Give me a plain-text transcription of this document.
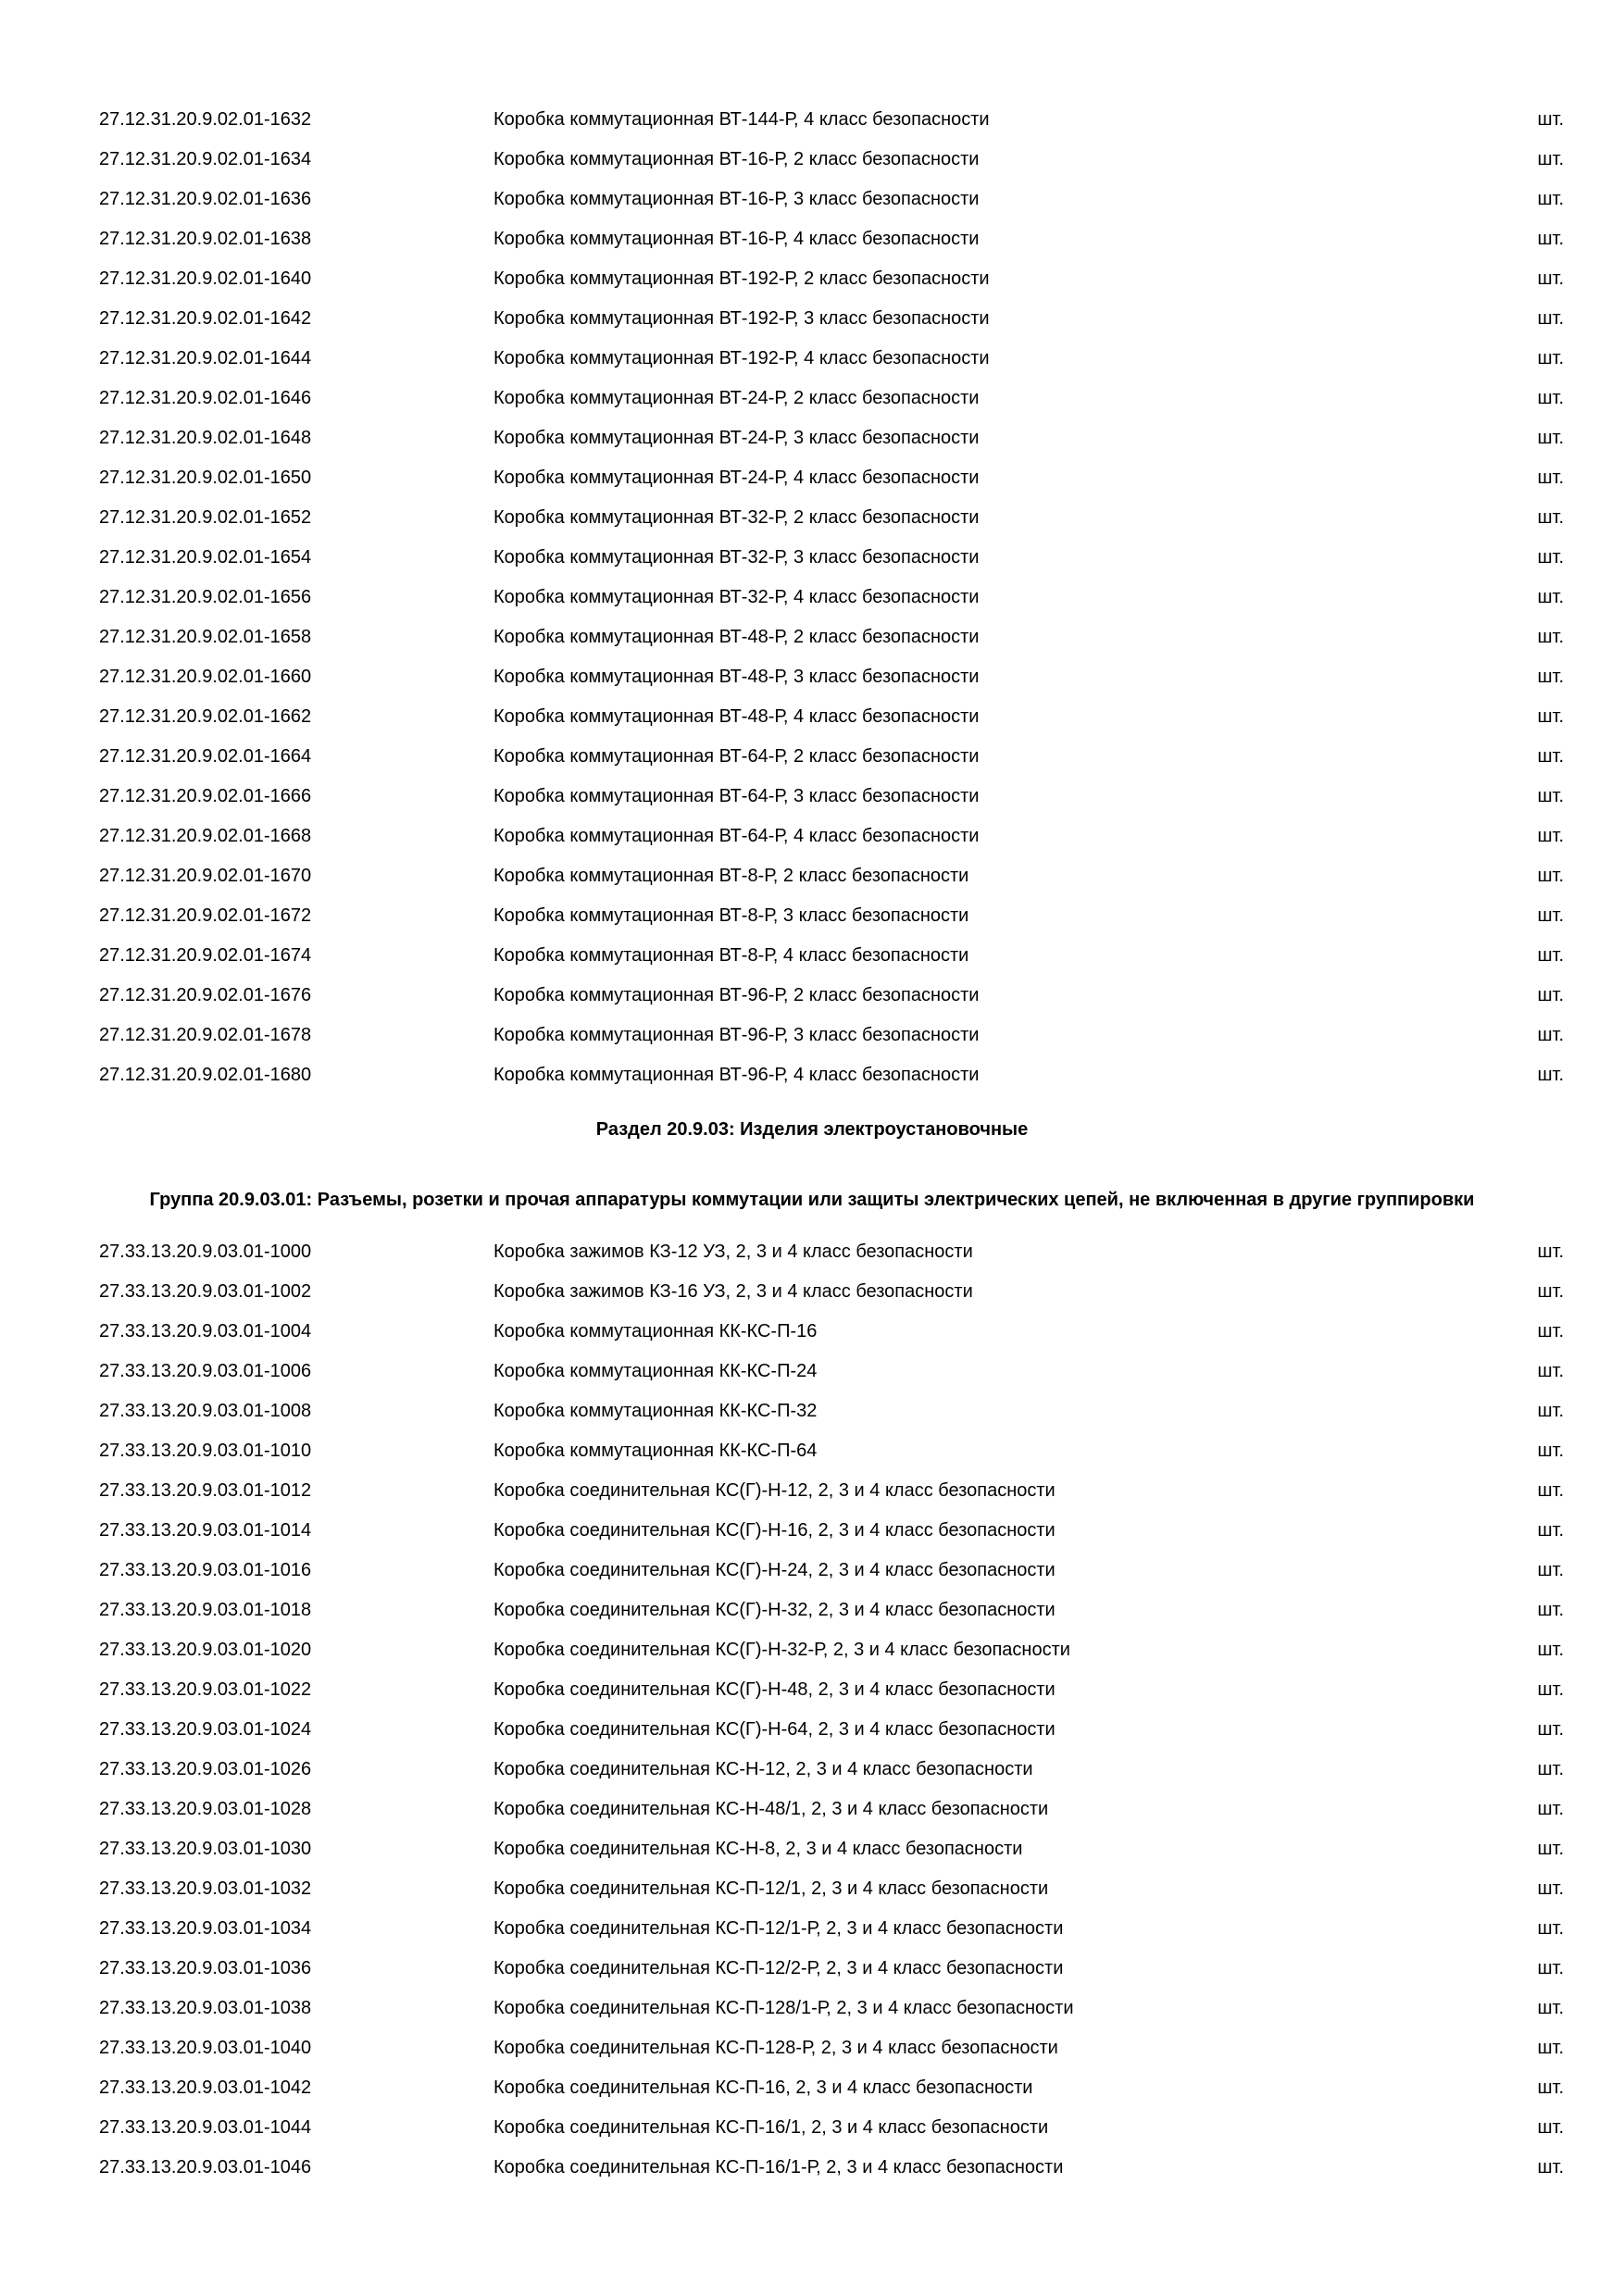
27.12.31.20.9.02.01-1632	Коробка коммутационная ВТ-144-Р, 4 класс безопасности	шт.
27.12.31.20.9.02.01-1634	Коробка коммутационная ВТ-16-Р, 2 класс безопасности	шт.
27.12.31.20.9.02.01-1636	Коробка коммутационная ВТ-16-Р, 3 класс безопасности	шт.
27.12.31.20.9.02.01-1638	Коробка коммутационная ВТ-16-Р, 4 класс безопасности	шт.
27.12.31.20.9.02.01-1640	Коробка коммутационная ВТ-192-Р, 2 класс безопасности	шт.
27.12.31.20.9.02.01-1642	Коробка коммутационная ВТ-192-Р, 3 класс безопасности	шт.
27.12.31.20.9.02.01-1644	Коробка коммутационная ВТ-192-Р, 4 класс безопасности	шт.
27.12.31.20.9.02.01-1646	Коробка коммутационная ВТ-24-Р, 2 класс безопасности	шт.
27.12.31.20.9.02.01-1648	Коробка коммутационная ВТ-24-Р, 3 класс безопасности	шт.
27.12.31.20.9.02.01-1650	Коробка коммутационная ВТ-24-Р, 4 класс безопасности	шт.
27.12.31.20.9.02.01-1652	Коробка коммутационная ВТ-32-Р, 2 класс безопасности	шт.
27.12.31.20.9.02.01-1654	Коробка коммутационная ВТ-32-Р, 3 класс безопасности	шт.
27.12.31.20.9.02.01-1656	Коробка коммутационная ВТ-32-Р, 4 класс безопасности	шт.
27.12.31.20.9.02.01-1658	Коробка коммутационная ВТ-48-Р, 2 класс безопасности	шт.
27.12.31.20.9.02.01-1660	Коробка коммутационная ВТ-48-Р, 3 класс безопасности	шт.
27.12.31.20.9.02.01-1662	Коробка коммутационная ВТ-48-Р, 4 класс безопасности	шт.
27.12.31.20.9.02.01-1664	Коробка коммутационная ВТ-64-Р, 2 класс безопасности	шт.
27.12.31.20.9.02.01-1666	Коробка коммутационная ВТ-64-Р, 3 класс безопасности	шт.
27.12.31.20.9.02.01-1668	Коробка коммутационная ВТ-64-Р, 4 класс безопасности	шт.
27.12.31.20.9.02.01-1670	Коробка коммутационная ВТ-8-Р, 2 класс безопасности	шт.
27.12.31.20.9.02.01-1672	Коробка коммутационная ВТ-8-Р, 3 класс безопасности	шт.
27.12.31.20.9.02.01-1674	Коробка коммутационная ВТ-8-Р, 4 класс безопасности	шт.
27.12.31.20.9.02.01-1676	Коробка коммутационная ВТ-96-Р, 2 класс безопасности	шт.
27.12.31.20.9.02.01-1678	Коробка коммутационная ВТ-96-Р, 3 класс безопасности	шт.
27.12.31.20.9.02.01-1680	Коробка коммутационная ВТ-96-Р, 4 класс безопасности	шт.
Раздел 20.9.03: Изделия электроустановочные
Группа 20.9.03.01: Разъемы, розетки и прочая аппаратуры коммутации или защиты электрических цепей, не включенная в другие группировки
27.33.13.20.9.03.01-1000	Коробка зажимов КЗ-12 УЗ, 2, 3 и 4 класс безопасности	шт.
27.33.13.20.9.03.01-1002	Коробка зажимов КЗ-16 УЗ, 2, 3 и 4 класс безопасности	шт.
27.33.13.20.9.03.01-1004	Коробка коммутационная КК-КС-П-16	шт.
27.33.13.20.9.03.01-1006	Коробка коммутационная КК-КС-П-24	шт.
27.33.13.20.9.03.01-1008	Коробка коммутационная КК-КС-П-32	шт.
27.33.13.20.9.03.01-1010	Коробка коммутационная КК-КС-П-64	шт.
27.33.13.20.9.03.01-1012	Коробка соединительная КС(Г)-Н-12, 2, 3 и 4 класс безопасности	шт.
27.33.13.20.9.03.01-1014	Коробка соединительная КС(Г)-Н-16, 2, 3 и 4 класс безопасности	шт.
27.33.13.20.9.03.01-1016	Коробка соединительная КС(Г)-Н-24, 2, 3 и 4 класс безопасности	шт.
27.33.13.20.9.03.01-1018	Коробка соединительная КС(Г)-Н-32, 2, 3 и 4 класс безопасности	шт.
27.33.13.20.9.03.01-1020	Коробка соединительная КС(Г)-Н-32-Р, 2, 3 и 4 класс безопасности	шт.
27.33.13.20.9.03.01-1022	Коробка соединительная КС(Г)-Н-48, 2, 3 и 4 класс безопасности	шт.
27.33.13.20.9.03.01-1024	Коробка соединительная КС(Г)-Н-64, 2, 3 и 4 класс безопасности	шт.
27.33.13.20.9.03.01-1026	Коробка соединительная КС-Н-12, 2, 3 и 4 класс безопасности	шт.
27.33.13.20.9.03.01-1028	Коробка соединительная КС-Н-48/1, 2, 3 и 4 класс безопасности	шт.
27.33.13.20.9.03.01-1030	Коробка соединительная КС-Н-8, 2, 3 и 4 класс безопасности	шт.
27.33.13.20.9.03.01-1032	Коробка соединительная КС-П-12/1, 2, 3 и 4 класс безопасности	шт.
27.33.13.20.9.03.01-1034	Коробка соединительная КС-П-12/1-Р, 2, 3 и 4 класс безопасности	шт.
27.33.13.20.9.03.01-1036	Коробка соединительная КС-П-12/2-Р, 2, 3 и 4 класс безопасности	шт.
27.33.13.20.9.03.01-1038	Коробка соединительная КС-П-128/1-Р, 2, 3 и 4 класс безопасности	шт.
27.33.13.20.9.03.01-1040	Коробка соединительная КС-П-128-Р, 2, 3 и 4 класс безопасности	шт.
27.33.13.20.9.03.01-1042	Коробка соединительная КС-П-16, 2, 3 и 4 класс безопасности	шт.
27.33.13.20.9.03.01-1044	Коробка соединительная КС-П-16/1, 2, 3 и 4 класс безопасности	шт.
27.33.13.20.9.03.01-1046	Коробка соединительная КС-П-16/1-Р, 2, 3 и 4 класс безопасности	шт.
